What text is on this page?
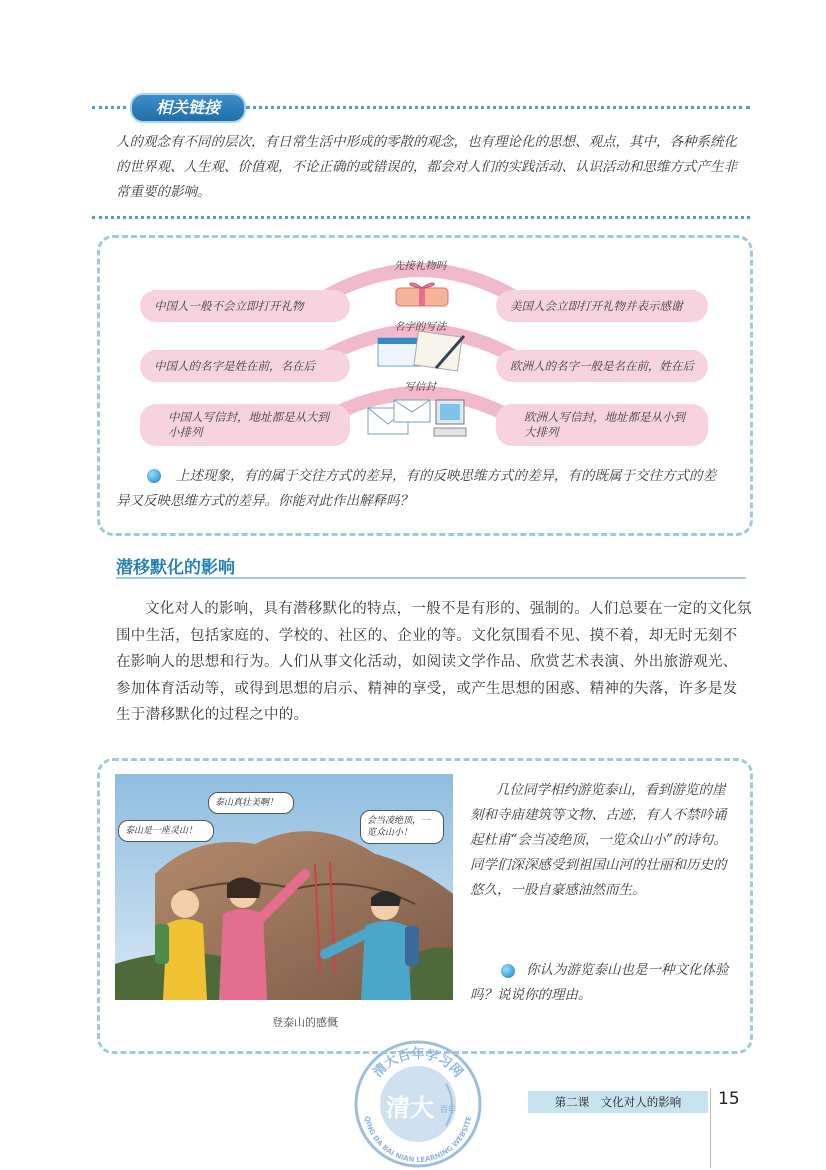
相关链接
人的观念有不同的层次，有日常生活中形成的零散的观念，也有理论化的思想、观点，其中，各种系统化的世界观、人生观、价值观，不论正确的或错误的，都会对人们的实践活动、认识活动和思维方式产生非常重要的影响。
先接礼物吗
名字的写法
写信封
中国人一般不会立即打开礼物	美国人会立即打开礼物并表示感谢
中国人的名字是姓在前，名在后	欧洲人的名字一般是名在前，姓在后
中国人写信封，地址都是从大到小排列
欧洲人写信封，地址都是从小到大排列
上述现象，有的属于交往方式的差异，有的反映思维方式的差异，有的既属于交往方式的差异又反映思维方式的差异。你能对此作出解释吗？
潜移默化的影响
文化对人的影响，具有潜移默化的特点，一般不是有形的、强制的。人们总要在一定的文化氛围中生活，包括家庭的、学校的、社区的、企业的等。文化氛围看不见、摸不着，却无时无刻不在影响人的思想和行为。人们从事文化活动，如阅读文学作品、欣赏艺术表演、外出旅游观光、参加体育活动等，或得到思想的启示、精神的享受，或产生思想的困惑、精神的失落，许多是发生于潜移默化的过程之中的。
泰山是一座灵山！
泰山真壮美啊！
会当凌绝顶，一览众山小！
登泰山的感慨
几位同学相约游览泰山，看到游览的崖刻和寺庙建筑等文物、古迹，有人不禁吟诵起杜甫“会当凌绝顶，一览众山小”的诗句。同学们深深感受到祖国山河的壮丽和历史的悠久，一股自豪感油然而生。
你认为游览泰山也是一种文化体验吗？说说你的理由。
清大百年学习网
QING DA BAI NIAN LEARNING WEBSITE
清大 百年
第二课　文化对人的影响	15
